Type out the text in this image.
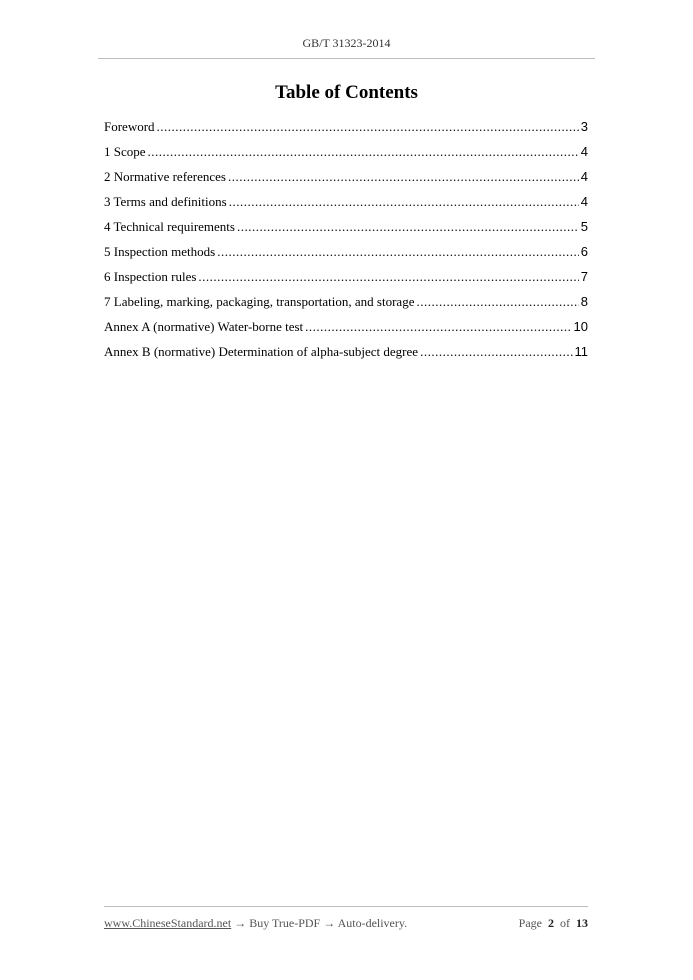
GB/T 31323-2014
Table of Contents
Foreword .....	3
1 Scope .....	4
2 Normative references .....	4
3 Terms and definitions .....	4
4 Technical requirements .....	5
5 Inspection methods .....	6
6 Inspection rules .....	7
7 Labeling, marking, packaging, transportation, and storage .....	8
Annex A (normative) Water-borne test .....	10
Annex B (normative) Determination of alpha-subject degree .....	11
www.ChineseStandard.net → Buy True-PDF → Auto-delivery.	Page 2 of 13
